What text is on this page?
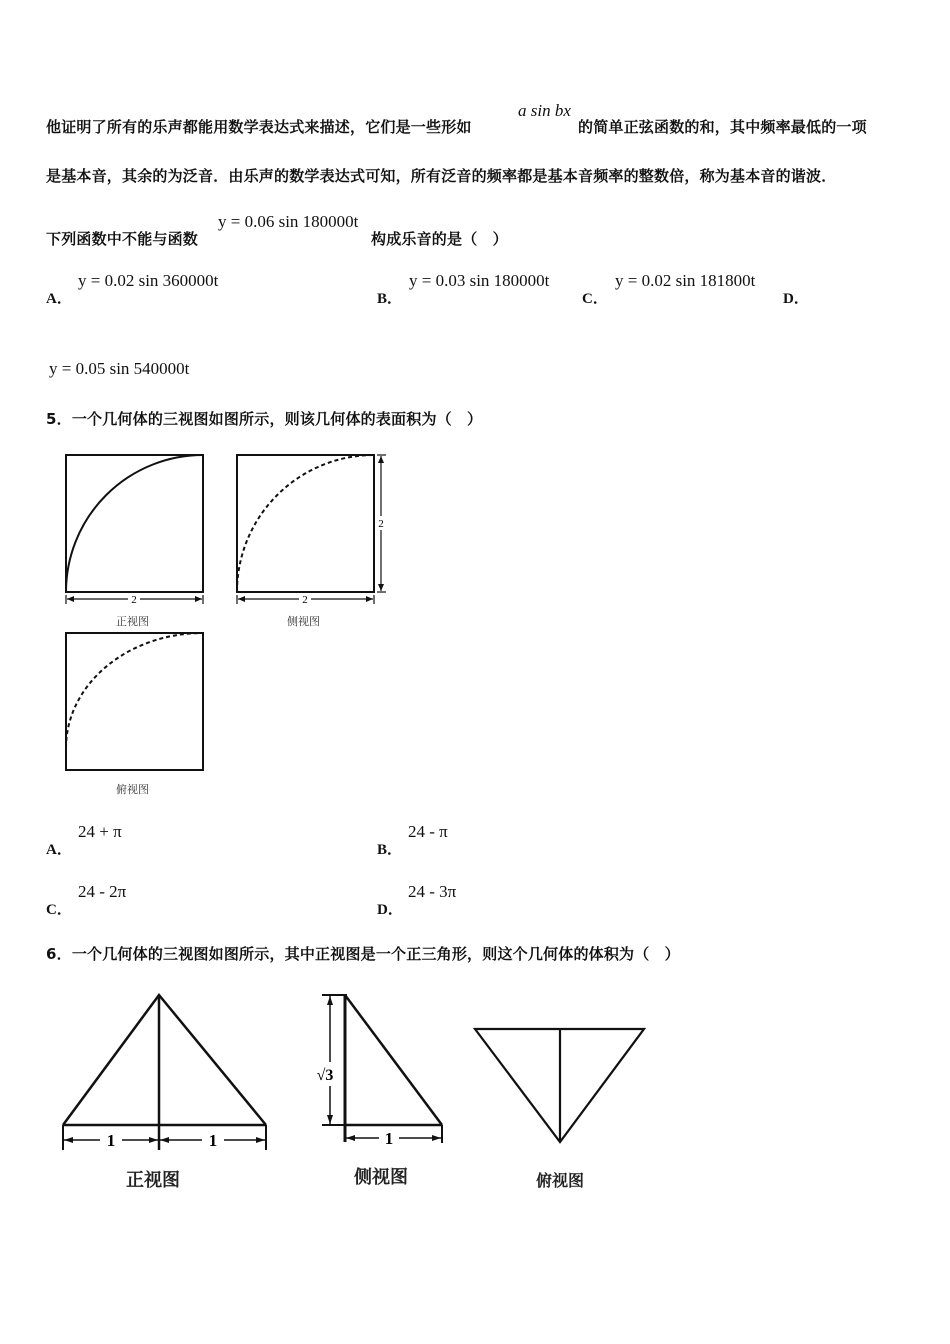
他证明了所有的乐声都能用数学表达式来描述，它们是一些形如
a sin bx
的简单正弦函数的和，其中频率最低的一项
是基本音，其余的为泛音．由乐声的数学表达式可知，所有泛音的频率都是基本音频率的整数倍，称为基本音的谐波．
下列函数中不能与函数
y = 0.06 sin 180000t
构成乐音的是（　）
A．
y = 0.02 sin 360000t
B．
y = 0.03 sin 180000t
C．
y = 0.02 sin 181800t
D．
y = 0.05 sin 540000t
5．一个几何体的三视图如图所示，则该几何体的表面积为（　）
2
正视图
2
2
侧视图
俯视图
A．
24 + π
B．
24 - π
C．
24 - 2π
D．
24 - 3π
6．一个几何体的三视图如图所示，其中正视图是一个正三角形，则这个几何体的体积为（　）
1	1
正视图
√3
1
侧视图	俯视图
